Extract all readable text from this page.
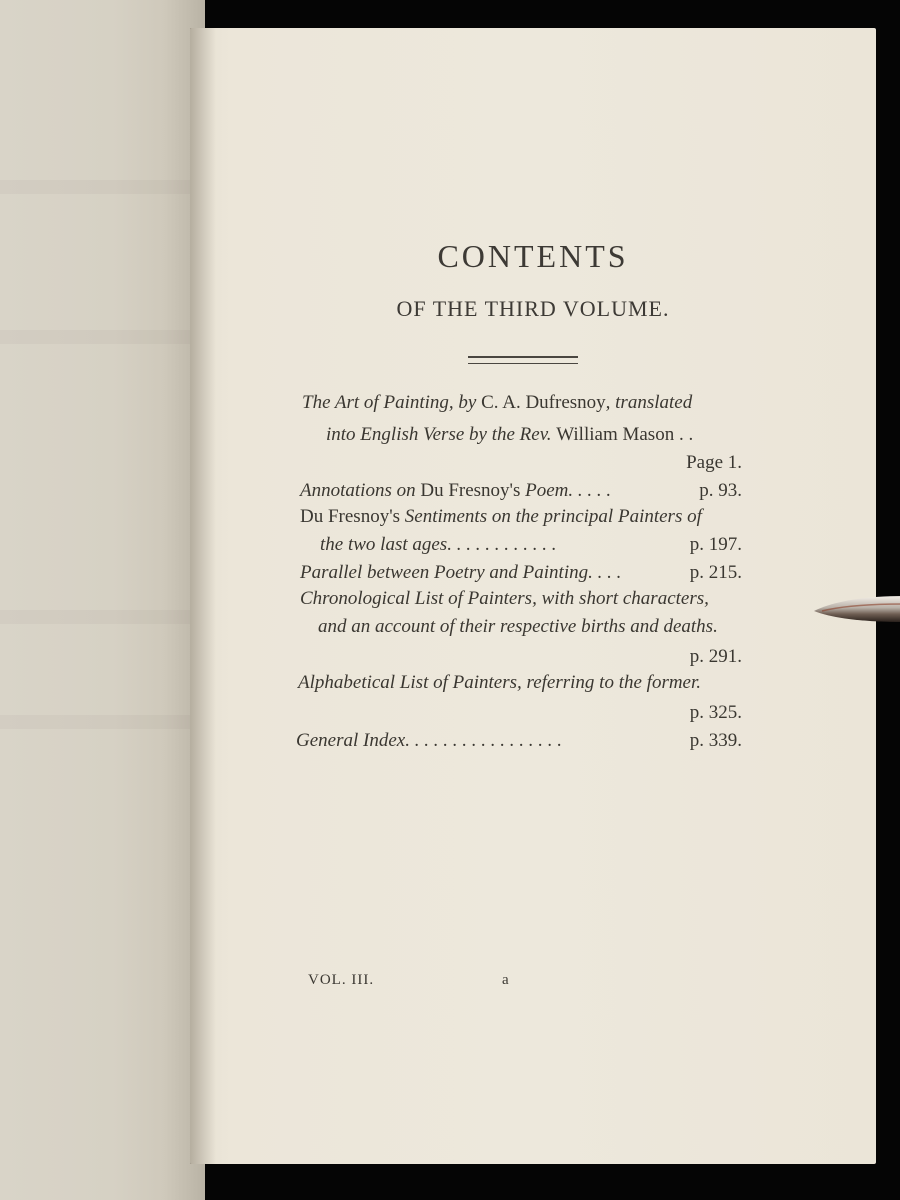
CONTENTS
OF THE THIRD VOLUME.
The Art of Painting, by C. A. Dufresnoy, translated
into English Verse by the Rev. William Mason . .
Page 1.
Annotations on Du Fresnoy's Poem. . . . .	p. 93.
Du Fresnoy's Sentiments on the principal Painters of
the two last ages. . . . . . . . . . . .	p. 197.
Parallel between Poetry and Painting. . . .	p. 215.
Chronological List of Painters, with short characters,
and an account of their respective births and deaths.
p. 291.
Alphabetical List of Painters, referring to the former.
p. 325.
General Index. . . . . . . . . . . . . . . . .	p. 339.
VOL. III.	a
